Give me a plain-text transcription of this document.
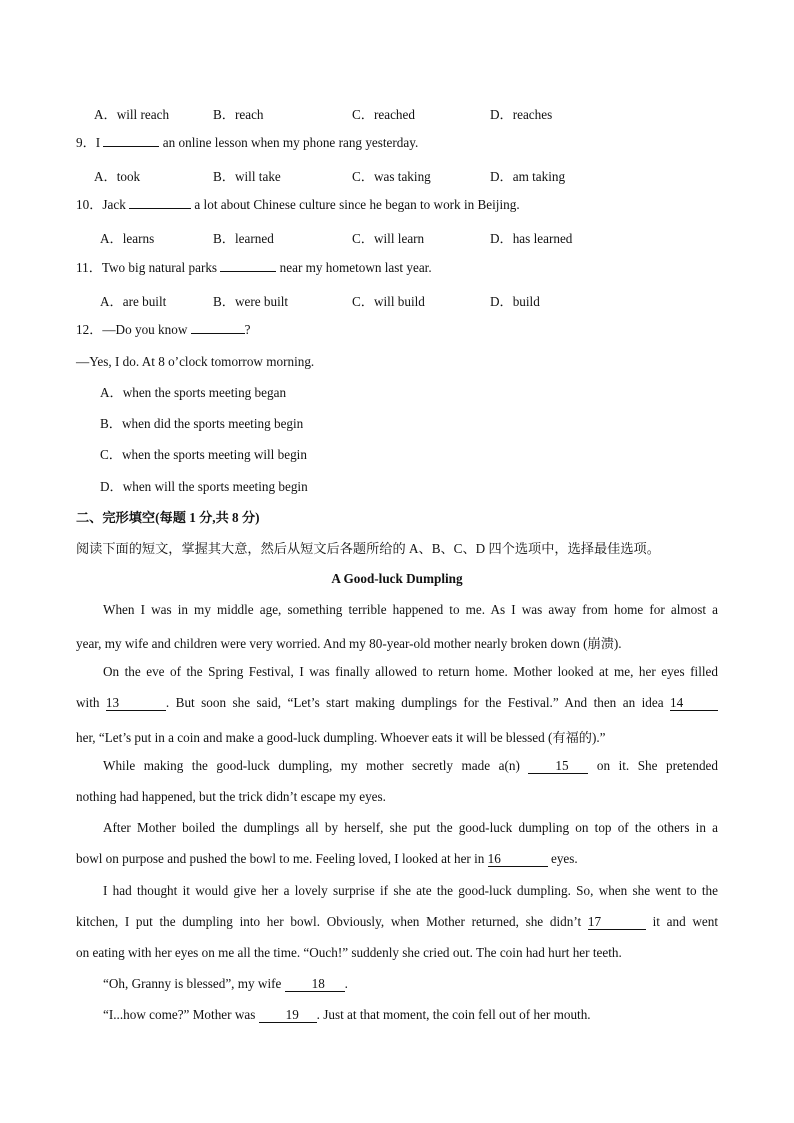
A．will reach	B．reach	C．reached	D．reaches
9．I	an online lesson when my phone rang yesterday.
A．took	B．will take	C．was taking	D．am taking
10．Jack	a lot about Chinese culture since he began to work in Beijing.
A．learns	B．learned	C．will learn	D．has learned
11．Two big natural parks	near my hometown last year.
A．are built	B．were built	C．will build	D．build
12．—Do you know	?
—Yes, I do. At 8 o’clock tomorrow morning.
A．when the sports meeting began
B．when did the sports meeting begin
C．when the sports meeting will begin
D．when will the sports meeting begin
二、完形填空(每题 1 分,共 8 分)
阅读下面的短文，掌握其大意，然后从短文后各题所给的 A、B、C、D 四个选项中，选择最佳选项。
A Good-luck Dumpling
When I was in my middle age, something terrible happened to me. As I was away from home for almost a
year, my wife and children were very worried. And my 80-year-old mother nearly broken down (崩溃).
On the eve of the Spring Festival, I was finally allowed to return home. Mother looked at me, her eyes filled
with 13	. But soon she said, “Let’s start making dumplings for the Festival.” And then an idea 14
her, “Let’s put in a coin and make a good-luck dumpling. Whoever eats it will be blessed (有福的).”
While making the good-luck dumpling, my mother secretly made a(n)	15 on it. She pretended
nothing had happened, but the trick didn’t escape my eyes.
After Mother boiled the dumplings all by herself, she put the good-luck dumpling on top of the others in a
bowl on purpose and pushed the bowl to me. Feeling loved, I looked at her in 16	eyes.
I had thought it would give her a lovely surprise if she ate the good-luck dumpling. So, when she went to the
kitchen, I put the dumpling into her bowl. Obviously, when Mother returned, she didn’t 17	it and went
on eating with her eyes on me all the time. “Ouch!” suddenly she cried out. The coin had hurt her teeth.
“Oh, Granny is blessed”, my wife 18 .
“I...how come?” Mother was 19 . Just at that moment, the coin fell out of her mouth.
